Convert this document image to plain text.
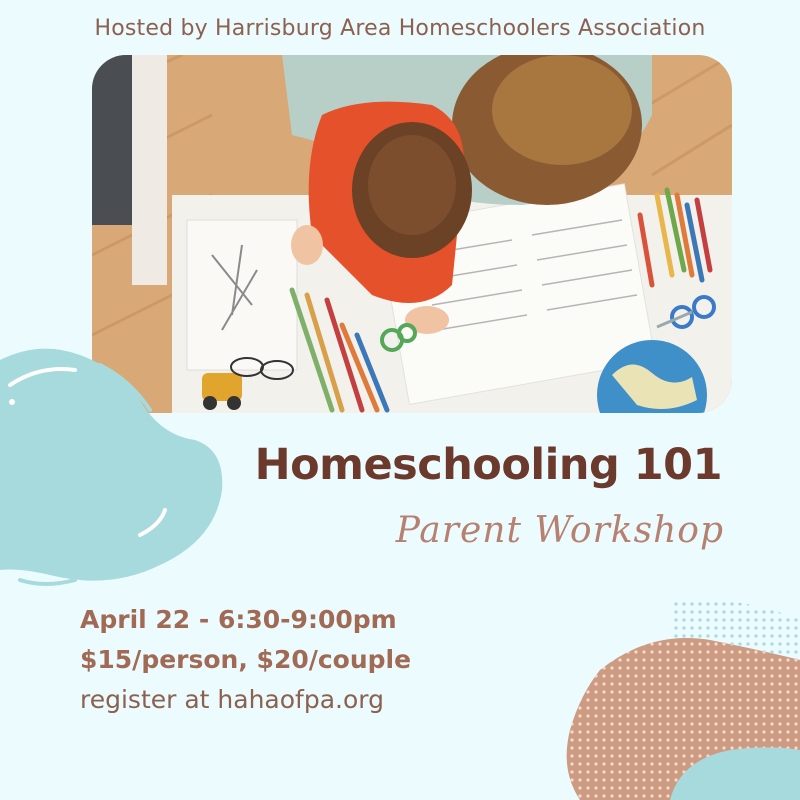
Hosted by Harrisburg Area Homeschoolers Association
Homeschooling 101
Parent Workshop
April 22 - 6:30-9:00pm
$15/person, $20/couple
register at hahaofpa.org
